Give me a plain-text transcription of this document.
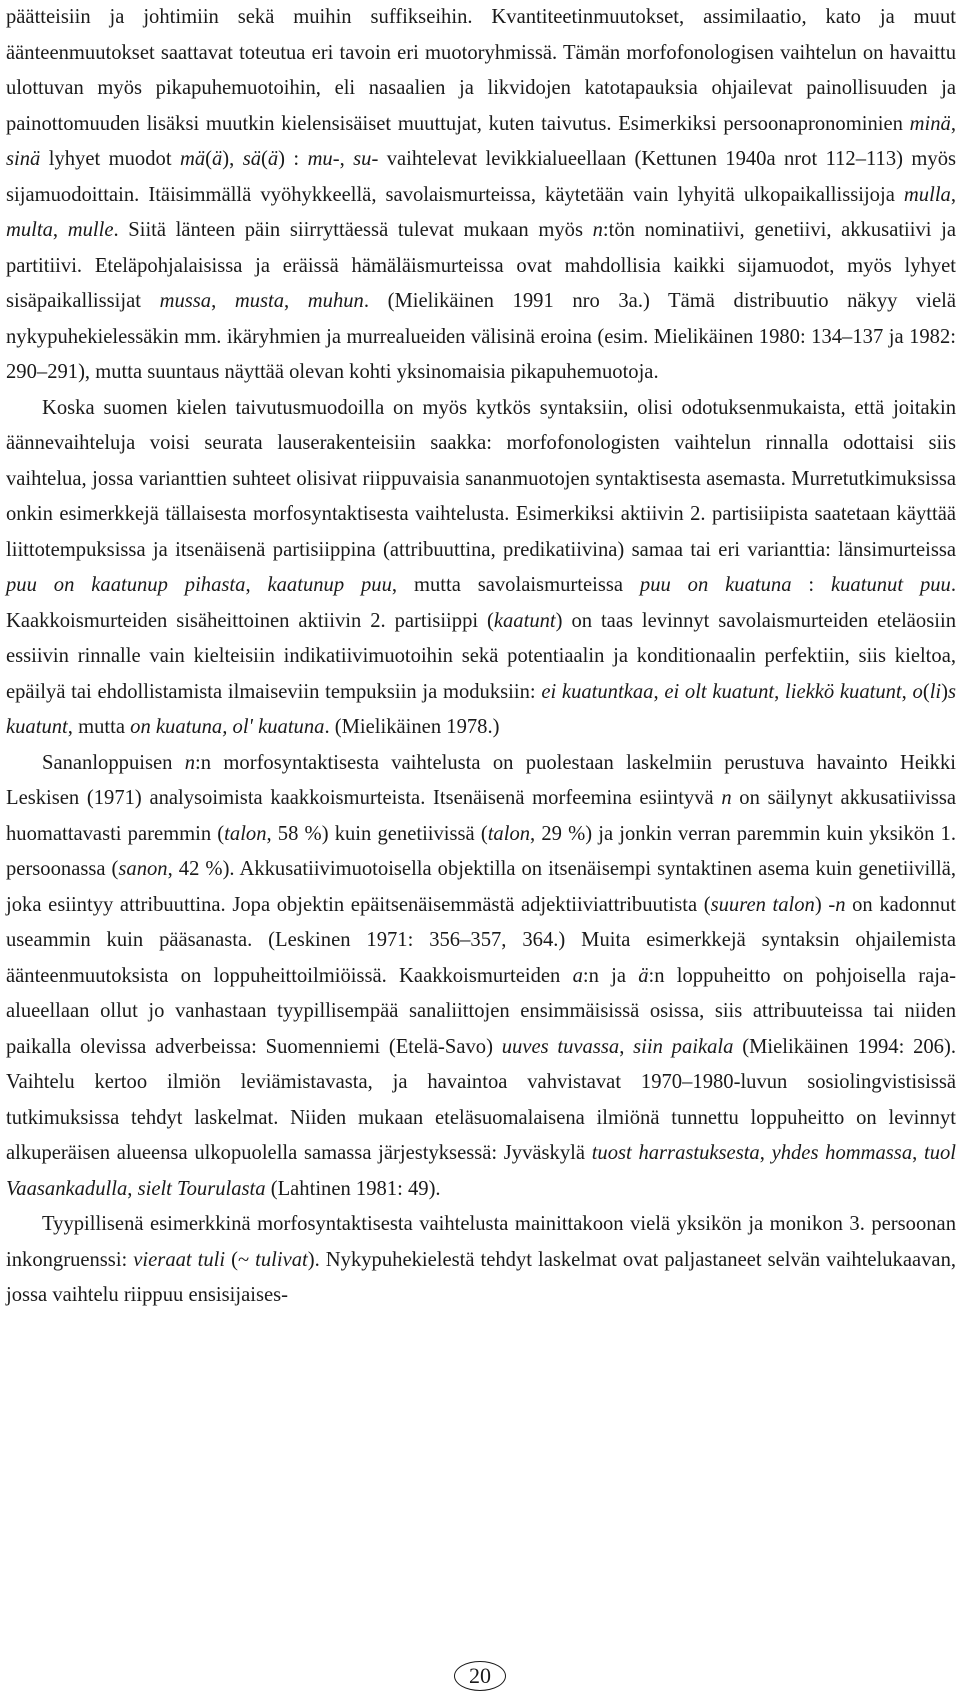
päätteisiin ja johtimiin sekä muihin suffikseihin. Kvantiteetinmuutokset, assimilaatio, kato ja muut äänteenmuutokset saattavat toteutua eri tavoin eri muotoryhmissä. Tämän morfofonologisen vaihtelun on havaittu ulottuvan myös pikapuhemuotoihin, eli nasaalien ja likvidojen katotapauksia ohjailevat painollisuuden ja painottomuuden lisäksi muutkin kielensisäiset muuttujat, kuten taivutus. Esimerkiksi persoonapronominien minä, sinä lyhyet muodot mä(ä), sä(ä) : mu-, su- vaihtelevat levikkialueellaan (Kettunen 1940a nrot 112–113) myös sijamuodoittain. Itäisimmällä vyöhykkeellä, savolaismurteissa, käytetään vain lyhyitä ulkopaikallissijoja mulla, multa, mulle. Siitä länteen päin siirryttäessä tulevat mukaan myös n:tön nominatiivi, genetiivi, akkusatiivi ja partitiivi. Eteläpohjalaisissa ja eräissä hämäläismurteissa ovat mahdollisia kaikki sijamuodot, myös lyhyet sisäpaikallissijat mussa, musta, muhun. (Mielikäinen 1991 nro 3a.) Tämä distribuutio näkyy vielä nykypuhekielessäkin mm. ikäryhmien ja murrealueiden välisinä eroina (esim. Mielikäinen 1980: 134–137 ja 1982: 290–291), mutta suuntaus näyttää olevan kohti yksinomaisia pikapuhemuotoja.

Koska suomen kielen taivutusmuodoilla on myös kytkös syntaksiin, olisi odotuksenmukaista, että joitakin äännevaihteluja voisi seurata lauserakenteisiin saakka: morfofonologisten vaihtelun rinnalla odottaisi siis vaihtelua, jossa varianttien suhteet olisivat riippuvaisia sananmuotojen syntaktisesta asemasta. Murretutkimuksissa onkin esimerkkejä tällaisesta morfosyntaktisesta vaihtelusta. Esimerkiksi aktiivin 2. partisiipista saatetaan käyttää liittotempuksissa ja itsenäisenä partisiippina (attribuuttina, predikatiivina) samaa tai eri varianttia: länsimurteissa puu on kaatunup pihasta, kaatunup puu, mutta savolaismurteissa puu on kuatuna : kuatunut puu. Kaakkoismurteiden sisäheittoinen aktiivin 2. partisiippi (kaatunt) on taas levinnyt savolaismurteiden eteläosiin essiivin rinnalle vain kielteisiin indikatiivimuotoihin sekä potentiaalin ja konditionaalin perfektiin, siis kieltoa, epäilyä tai ehdollistamista ilmaiseviin tempuksiin ja moduksiin: ei kuatuntkaa, ei olt kuatunt, liekkö kuatunt, o(li)s kuatunt, mutta on kuatuna, ol' kuatuna. (Mielikäinen 1978.)

Sananloppuisen n:n morfosyntaktisesta vaihtelusta on puolestaan laskelmiin perustuva havainto Heikki Leskisen (1971) analysoimista kaakkoismurteista. Itsenäisenä morfeemina esiintyvä n on säilynyt akkusatiivissa huomattavasti paremmin (talon, 58 %) kuin genetiivissä (talon, 29 %) ja jonkin verran paremmin kuin yksikön 1. persoonassa (sanon, 42 %). Akkusatiivimuotoisella objektilla on itsenäisempi syntaktinen asema kuin genetiivillä, joka esiintyy attribuuttina. Jopa objektin epäitsenäisemmästä adjektiiviattribuutista (suuren talon) -n on kadonnut useammin kuin pääsanasta. (Leskinen 1971: 356–357, 364.) Muita esimerkkejä syntaksin ohjailemista äänteenmuutoksista on loppuheittoilmiöissä. Kaakkoismurteiden a:n ja ä:n loppuheitto on pohjoisella raja-alueellaan ollut jo vanhastaan tyypillisempää sanaliittojen ensimmäisissä osissa, siis attribuuteissa tai niiden paikalla olevissa adverbeissa: Suomenniemi (Etelä-Savo) uuves tuvassa, siin paikala (Mielikäinen 1994: 206). Vaihtelu kertoo ilmiön leviämistavasta, ja havaintoa vahvistavat 1970–1980-luvun sosiolingvistisissä tutkimuksissa tehdyt laskelmat. Niiden mukaan eteläsuomalaisena ilmiönä tunnettu loppuheitto on levinnyt alkuperäisen alueensa ulkopuolella samassa järjestyksessä: Jyväskylä tuost harrastuksesta, yhdes hommassa, tuol Vaasankadulla, sielt Tourulasta (Lahtinen 1981: 49).

Tyypillisenä esimerkkinä morfosyntaktisesta vaihtelusta mainittakoon vielä yksikön ja monikon 3. persoonan inkongruenssi: vieraat tuli (~ tulivat). Nykypuhekielestä tehdyt laskelmat ovat paljastaneet selvän vaihtelukaavan, jossa vaihtelu riippuu ensisijaises-

20
